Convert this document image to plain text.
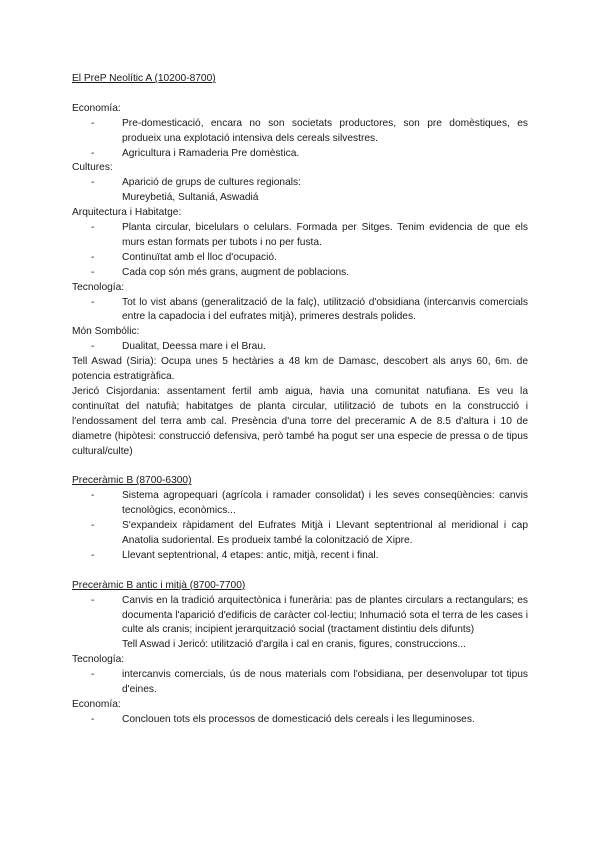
El PreP Neolític A (10200-8700)

Economía:

- Pre-domesticació, encara no son societats productores, son pre domèstiques, es produeix una explotació intensiva dels cereals silvestres.

- Agricultura i Ramaderia Pre domèstica.

Cultures:

- Aparició de grups de cultures regionals:

Mureybetiá, Sultaniá, Aswadiá

Arquitectura i Habitatge:

- Planta circular, bicelulars o celulars. Formada per Sitges. Tenim evidencia de que els murs estan formats per tubots i no per fusta.

- Continuïtat amb el lloc d'ocupació.

- Cada cop són més grans, augment de poblacions.

Tecnología:

- Tot lo vist abans (generalització de la falç), utilització d'obsidiana (intercanvis comercials entre la capadocia i del eufrates mitjà), primeres destrals polides.

Món Sombólic:

- Dualitat, Deessa mare i el Brau.

Tell Aswad (Siria): Ocupa unes 5 hectàries a 48 km de Damasc, descobert als anys 60, 6m. de potencia estratigràfica.

Jericó Cisjordania: assentament fertil amb aigua, havia una comunitat natufiana. Es veu la continuïtat del natufià; habitatges de planta circular, utilització de tubots en la construcció i l'endossament del terra amb cal. Presència d'una torre del preceramic A de 8.5 d'altura i 10 de diametre (hipòtesi: construcció defensiva, però també ha pogut ser una especie de pressa o de tipus cultural/culte)

Preceràmic B (8700-6300)

- Sistema agropequari (agrícola i ramader consolidat) i les seves conseqüències: canvis tecnològics, econòmics...

- S'expandeix ràpidament del Eufrates Mitjà i Llevant septentrional al meridional i cap Anatolia sudoriental. Es produeix també la colonització de Xipre.

- Llevant septentrional, 4 etapes: antic, mitjà, recent i final.

Preceràmic B antic i mitjà (8700-7700)

- Canvis en la tradició arquitectònica i funerària: pas de plantes circulars a rectangulars; es documenta l'aparició d'edificis de caràcter col·lectiu; Inhumació sota el terra de les cases i culte als cranis; incipient jerarquització social (tractament distintiu dels difunts)

Tell Aswad i Jericó: utilització d'argila i cal en cranis, figures, construccions...

Tecnología:

- intercanvis comercials, ús de nous materials com l'obsidiana, per desenvolupar tot tipus d'eines.

Economía:

- Conclouen tots els processos de domesticació dels cereals i les lleguminoses.
